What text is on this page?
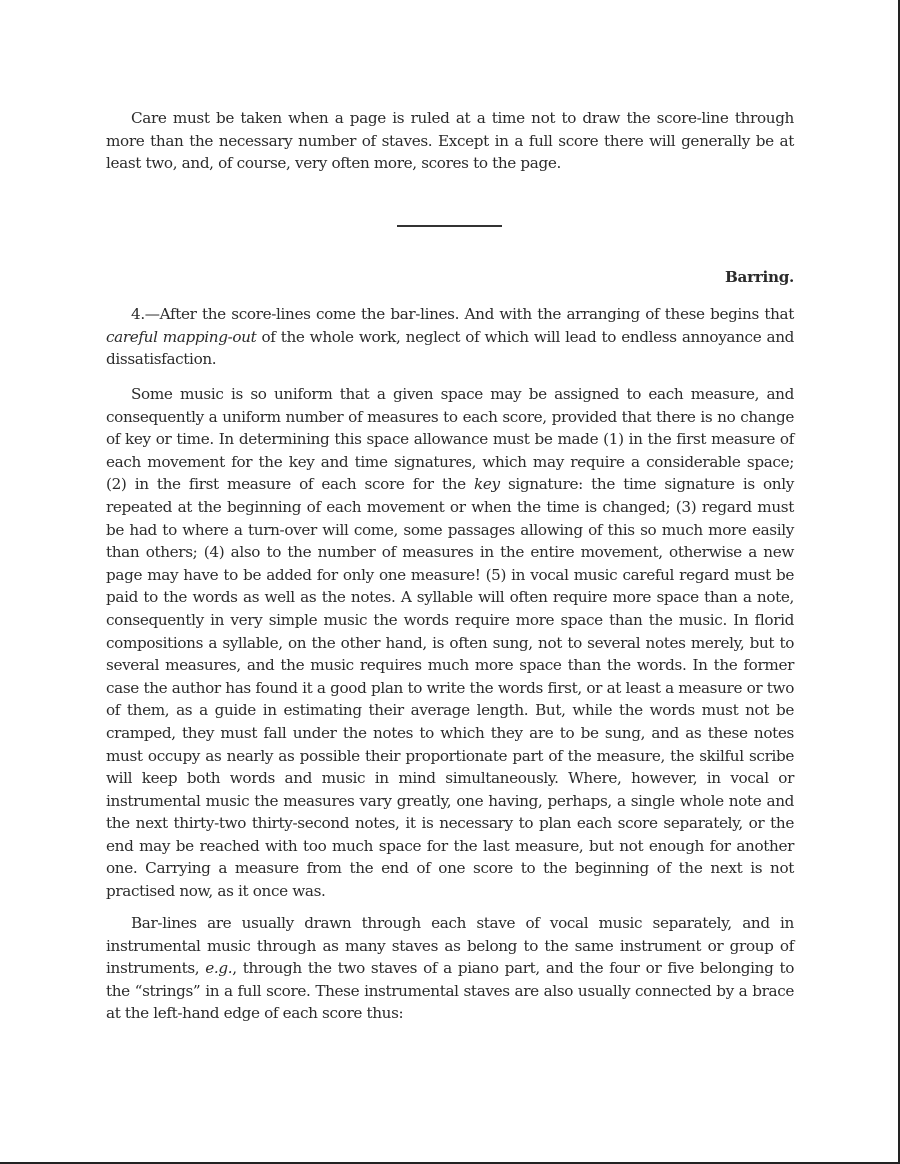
Care must be taken when a page is ruled at a time not to draw the score-line through more than the necessary number of staves. Except in a full score there will generally be at least two, and, of course, very often more, scores to the page.

Barring.

4.—After the score-lines come the bar-lines. And with the arranging of these begins that careful mapping-out of the whole work, neglect of which will lead to endless annoyance and dissatisfaction.

Some music is so uniform that a given space may be assigned to each measure, and consequently a uniform number of measures to each score, provided that there is no change of key or time. In determining this space allowance must be made (1) in the first measure of each movement for the key and time signatures, which may require a considerable space; (2) in the first measure of each score for the key signature: the time signature is only repeated at the beginning of each movement or when the time is changed; (3) regard must be had to where a turn-over will come, some passages allowing of this so much more easily than others; (4) also to the number of measures in the entire movement, otherwise a new page may have to be added for only one measure! (5) in vocal music careful regard must be paid to the words as well as the notes. A syllable will often require more space than a note, consequently in very simple music the words require more space than the music. In florid compositions a syllable, on the other hand, is often sung, not to several notes merely, but to several measures, and the music requires much more space than the words. In the former case the author has found it a good plan to write the words first, or at least a measure or two of them, as a guide in estimating their average length. But, while the words must not be cramped, they must fall under the notes to which they are to be sung, and as these notes must occupy as nearly as possible their proportionate part of the measure, the skilful scribe will keep both words and music in mind simultaneously. Where, however, in vocal or instrumental music the measures vary greatly, one having, perhaps, a single whole note and the next thirty-two thirty-second notes, it is necessary to plan each score separately, or the end may be reached with too much space for the last measure, but not enough for another one. Carrying a measure from the end of one score to the beginning of the next is not practised now, as it once was.

Bar-lines are usually drawn through each stave of vocal music separately, and in instrumental music through as many staves as belong to the same instrument or group of instruments, e.g., through the two staves of a piano part, and the four or five belonging to the “strings” in a full score. These instrumental staves are also usually connected by a brace at the left-hand edge of each score thus:
